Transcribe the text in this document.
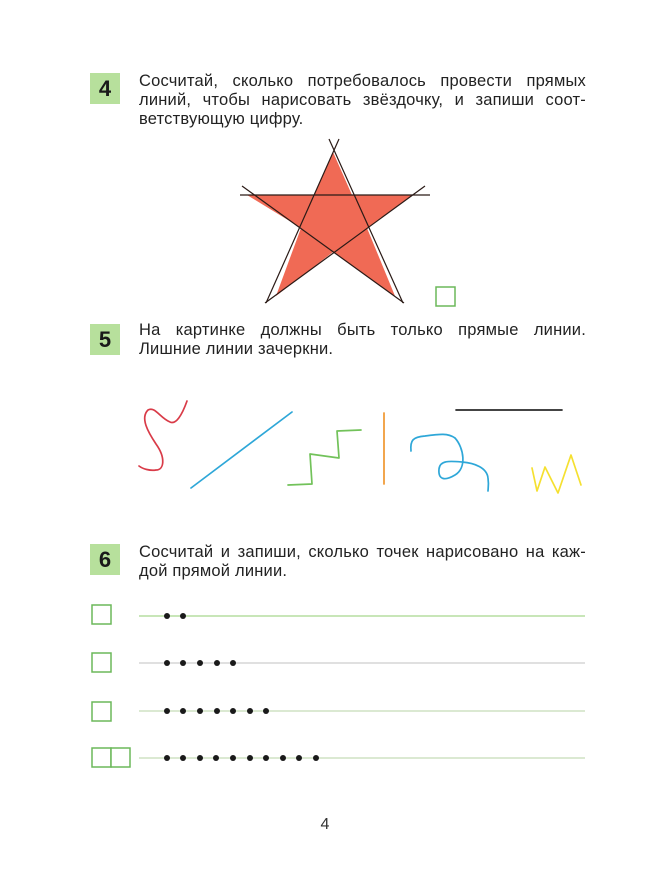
4	Сосчитай, сколько потребовалось провести прямых
линий, чтобы нарисовать звёздочку, и запиши соот-
ветствующую цифру.
5	На картинке должны быть только прямые линии.
Лишние линии зачеркни.
6	Сосчитай и запиши, сколько точек нарисовано на каж-
дой прямой линии.
4
